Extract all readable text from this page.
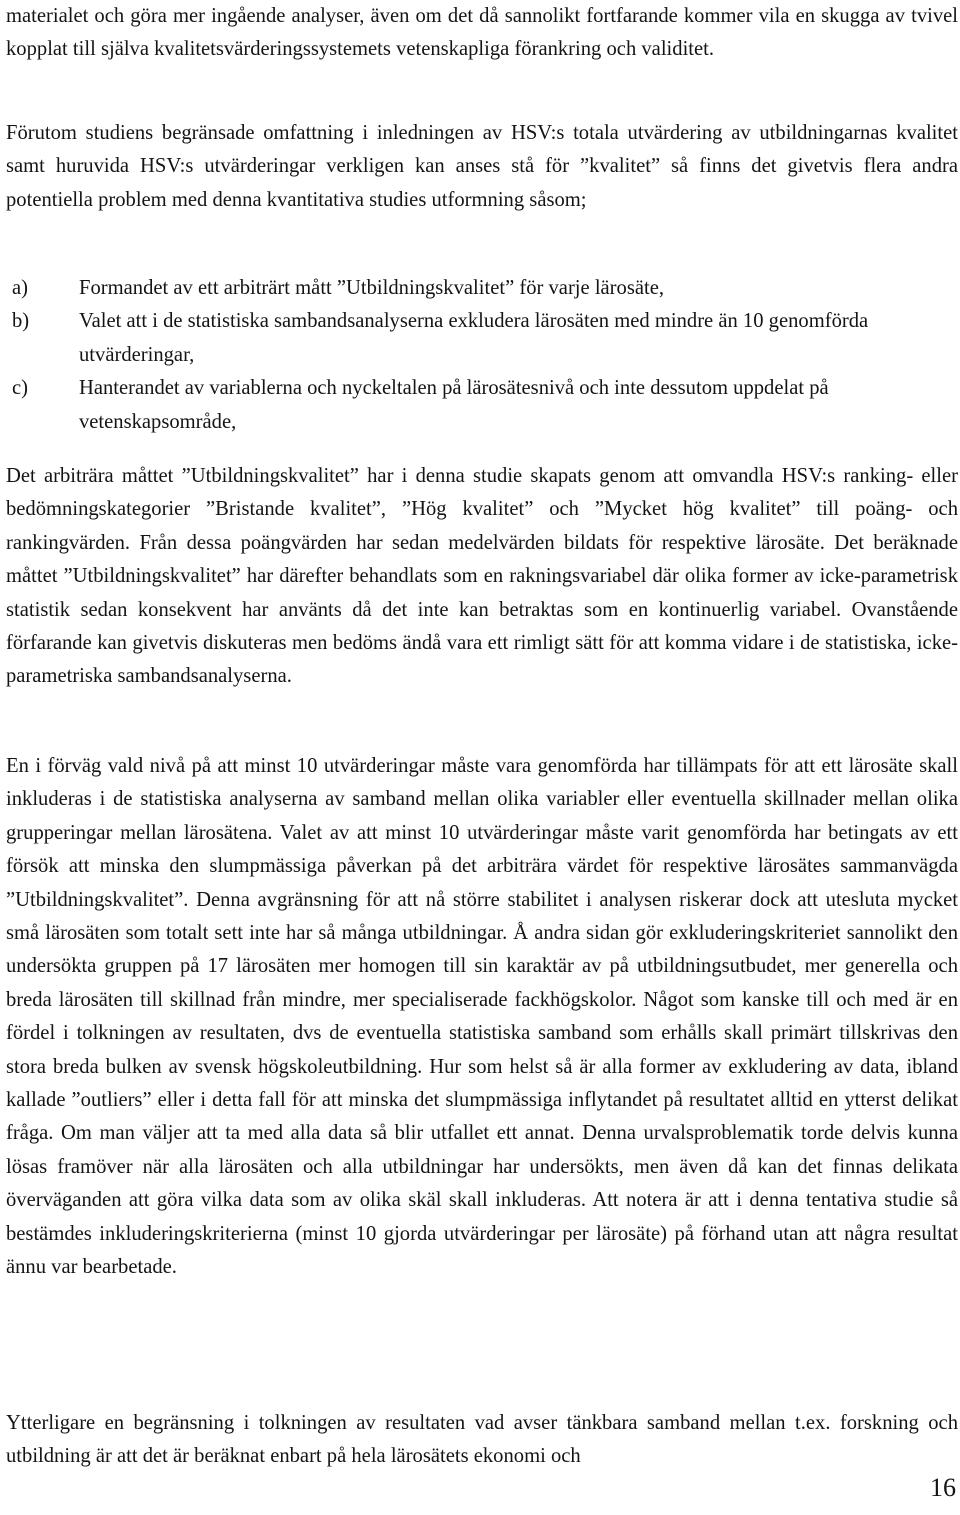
materialet och göra mer ingående analyser, även om det då sannolikt fortfarande kommer vila en skugga av tvivel kopplat till själva kvalitetsvärderingssystemets vetenskapliga förankring och validitet.
Förutom studiens begränsade omfattning i inledningen av HSV:s totala utvärdering av utbildningarnas kvalitet samt huruvida HSV:s utvärderingar verkligen kan anses stå för ”kvalitet” så finns det givetvis flera andra potentiella problem med denna kvantitativa studies utformning såsom;
a) Formandet av ett arbiträrt mått ”Utbildningskvalitet” för varje lärosäte,
b) Valet att i de statistiska sambandsanalyserna exkludera lärosäten med mindre än 10 genomförda utvärderingar,
c) Hanterandet av variablerna och nyckeltalen på lärosätesnivå och inte dessutom uppdelat på vetenskapsområde,
Det arbiträra måttet ”Utbildningskvalitet” har i denna studie skapats genom att omvandla HSV:s ranking- eller bedömningskategorier ”Bristande kvalitet”, ”Hög kvalitet” och ”Mycket hög kvalitet” till poäng- och rankingvärden. Från dessa poängvärden har sedan medelvärden bildats för respektive lärosäte. Det beräknade måttet ”Utbildningskvalitet” har därefter behandlats som en rakningsvariabel där olika former av icke-parametrisk statistik sedan konsekvent har använts då det inte kan betraktas som en kontinuerlig variabel. Ovanstående förfarande kan givetvis diskuteras men bedöms ändå vara ett rimligt sätt för att komma vidare i de statistiska, icke-parametriska sambandsanalyserna.
En i förväg vald nivå på att minst 10 utvärderingar måste vara genomförda har tillämpats för att ett lärosäte skall inkluderas i de statistiska analyserna av samband mellan olika variabler eller eventuella skillnader mellan olika grupperingar mellan lärosätena. Valet av att minst 10 utvärderingar måste varit genomförda har betingats av ett försök att minska den slumpmässiga påverkan på det arbiträra värdet för respektive lärosätes sammanvägda ”Utbildningskvalitet”. Denna avgränsning för att nå större stabilitet i analysen riskerar dock att utesluta mycket små lärosäten som totalt sett inte har så många utbildningar. Å andra sidan gör exkluderingskriteriet sannolikt den undersökta gruppen på 17 lärosäten mer homogen till sin karaktär av på utbildningsutbudet, mer generella och breda lärosäten till skillnad från mindre, mer specialiserade fackhögskolor. Något som kanske till och med är en fördel i tolkningen av resultaten, dvs de eventuella statistiska samband som erhålls skall primärt tillskrivas den stora breda bulken av svensk högskoleutbildning. Hur som helst så är alla former av exkludering av data, ibland kallade ”outliers” eller i detta fall för att minska det slumpmässiga inflytandet på resultatet alltid en ytterst delikat fråga. Om man väljer att ta med alla data så blir utfallet ett annat. Denna urvalsproblematik torde delvis kunna lösas framöver när alla lärosäten och alla utbildningar har undersökts, men även då kan det finnas delikata överväganden att göra vilka data som av olika skäl skall inkluderas. Att notera är att i denna tentativa studie så bestämdes inkluderingskriterierna (minst 10 gjorda utvärderingar per lärosäte) på förhand utan att några resultat ännu var bearbetade.
Ytterligare en begränsning i tolkningen av resultaten vad avser tänkbara samband mellan t.ex. forskning och utbildning är att det är beräknat enbart på hela lärosätets ekonomi och
16
